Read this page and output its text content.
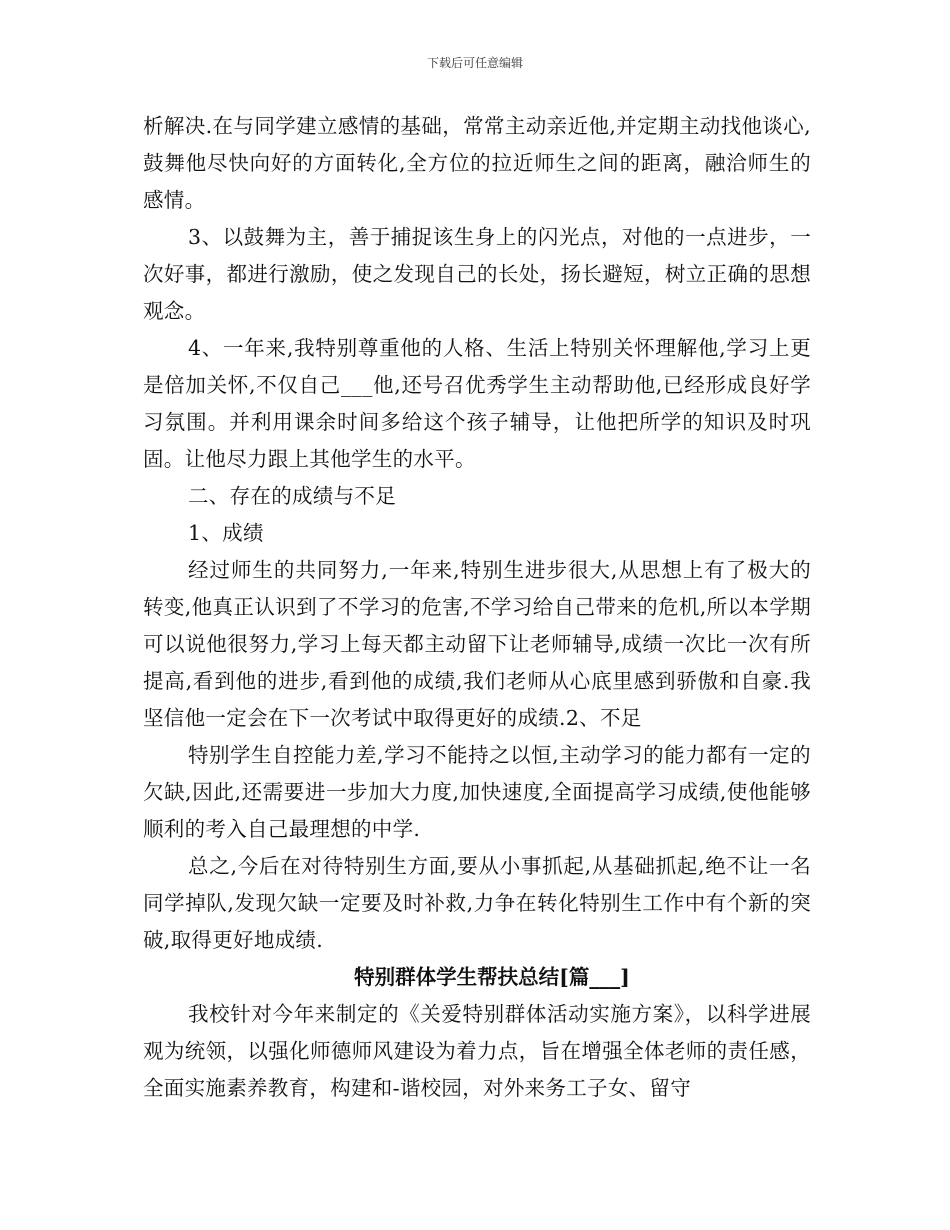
下载后可任意编辑

析解决.在与同学建立感情的基础，常常主动亲近他,并定期主动找他谈心,鼓舞他尽快向好的方面转化,全方位的拉近师生之间的距离，融洽师生的感情。

3、以鼓舞为主，善于捕捉该生身上的闪光点，对他的一点进步，一次好事，都进行激励，使之发现自己的长处，扬长避短，树立正确的思想观念。

4、一年来,我特别尊重他的人格、生活上特别关怀理解他,学习上更是倍加关怀,不仅自己___他,还号召优秀学生主动帮助他,已经形成良好学习氛围。并利用课余时间多给这个孩子辅导，让他把所学的知识及时巩固。让他尽力跟上其他学生的水平。

二、存在的成绩与不足

1、成绩

经过师生的共同努力,一年来,特别生进步很大,从思想上有了极大的转变,他真正认识到了不学习的危害,不学习给自己带来的危机,所以本学期可以说他很努力,学习上每天都主动留下让老师辅导,成绩一次比一次有所提高,看到他的进步,看到他的成绩,我们老师从心底里感到骄傲和自豪.我坚信他一定会在下一次考试中取得更好的成绩.2、不足

特别学生自控能力差,学习不能持之以恒,主动学习的能力都有一定的欠缺,因此,还需要进一步加大力度,加快速度,全面提高学习成绩,使他能够顺利的考入自己最理想的中学.

总之,今后在对待特别生方面,要从小事抓起,从基础抓起,绝不让一名同学掉队,发现欠缺一定要及时补救,力争在转化特别生工作中有个新的突破,取得更好地成绩.

特别群体学生帮扶总结[篇___]

我校针对今年来制定的《关爱特别群体活动实施方案》，以科学进展观为统领，以强化师德师风建设为着力点，旨在增强全体老师的责任感，全面实施素养教育，构建和-谐校园，对外来务工子女、留守
